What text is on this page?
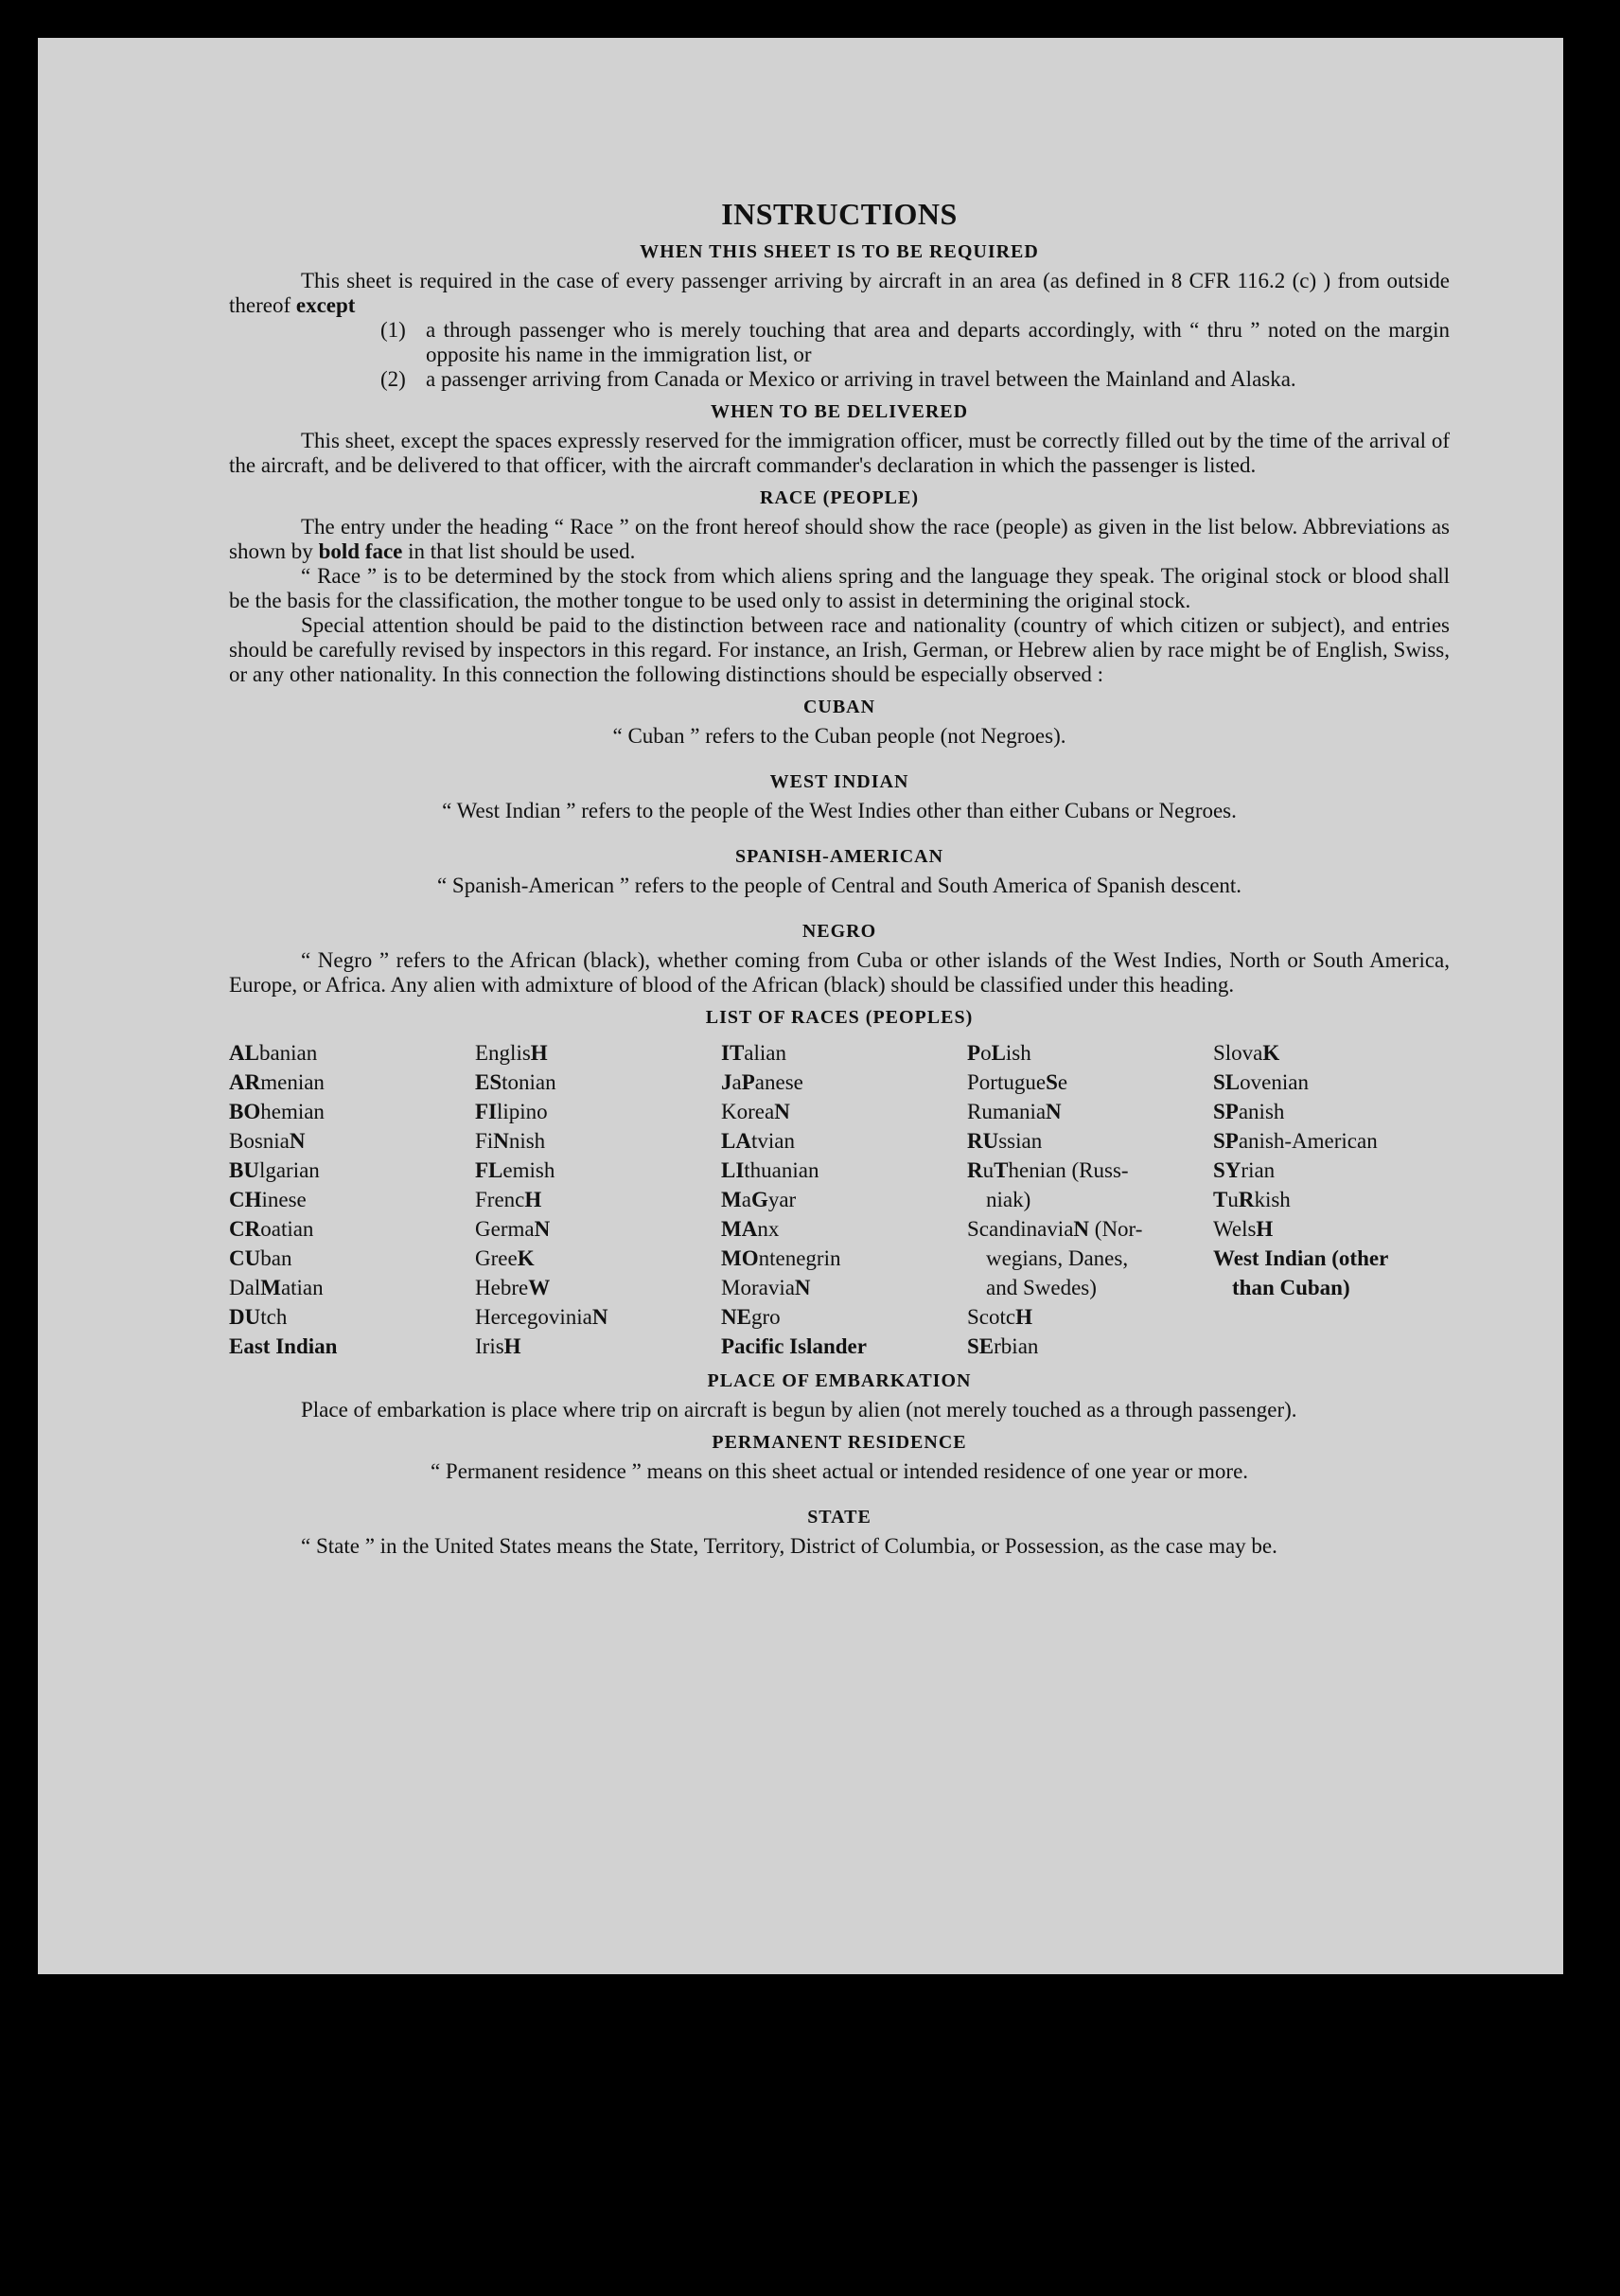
INSTRUCTIONS
WHEN THIS SHEET IS TO BE REQUIRED

This sheet is required in the case of every passenger arriving by aircraft in an area (as defined in 8 CFR 116.2 (c) ) from outside thereof except

(1) a through passenger who is merely touching that area and departs accordingly, with “ thru ” noted on the margin opposite his name in the immigration list, or
(2) a passenger arriving from Canada or Mexico or arriving in travel between the Mainland and Alaska.
WHEN TO BE DELIVERED

This sheet, except the spaces expressly reserved for the immigration officer, must be correctly filled out by the time of the arrival of the aircraft, and be delivered to that officer, with the aircraft commander's declaration in which the passenger is listed.

RACE (PEOPLE)

The entry under the heading “ Race ” on the front hereof should show the race (people) as given in the list below. Abbreviations as shown by bold face in that list should be used.

“ Race ” is to be determined by the stock from which aliens spring and the language they speak. The original stock or blood shall be the basis for the classification, the mother tongue to be used only to assist in determining the original stock.

Special attention should be paid to the distinction between race and nationality (country of which citizen or subject), and entries should be carefully revised by inspectors in this regard. For instance, an Irish, German, or Hebrew alien by race might be of English, Swiss, or any other nationality. In this connection the following distinctions should be especially observed :

CUBAN

“ Cuban ” refers to the Cuban people (not Negroes).

WEST INDIAN

“ West Indian ” refers to the people of the West Indies other than either Cubans or Negroes.

SPANISH-AMERICAN

“ Spanish-American ” refers to the people of Central and South America of Spanish descent.

NEGRO

“ Negro ” refers to the African (black), whether coming from Cuba or other islands of the West Indies, North or South America, Europe, or Africa. Any alien with admixture of blood of the African (black) should be classified under this heading.

LIST OF RACES (PEOPLES)
ALbanian
ARmenian
BOhemian
BosniaN
BUlgarian
CHinese
CRoatian
CUban
DalMatian
DUtch
East Indian
EnglisH
EStonian
FIlipino
FiNnish
FLemish
FrencH
GermaN
GreeK
HebreW
HercegoviniaN
IrisH
ITalian
JaPanese
KoreaN
LAtvian
LIthuanian
MaGyar
MAnx
MOntenegrin
MoraviaN
NEgro
Pacific Islander
PoLish
PortugueSe
RumaniaN
RUssian
RuThenian (Russ-
niak)
ScandinaviaN (Nor-
wegians, Danes,
and Swedes)
ScotcH
SErbian
SlovaK
SLovenian
SPanish
SPanish-American
SYrian
TuRkish
WelsH
West Indian (other
than Cuban)
PLACE OF EMBARKATION

Place of embarkation is place where trip on aircraft is begun by alien (not merely touched as a through passenger).

PERMANENT RESIDENCE

“ Permanent residence ” means on this sheet actual or intended residence of one year or more.

STATE

“ State ” in the United States means the State, Territory, District of Columbia, or Possession, as the case may be.
